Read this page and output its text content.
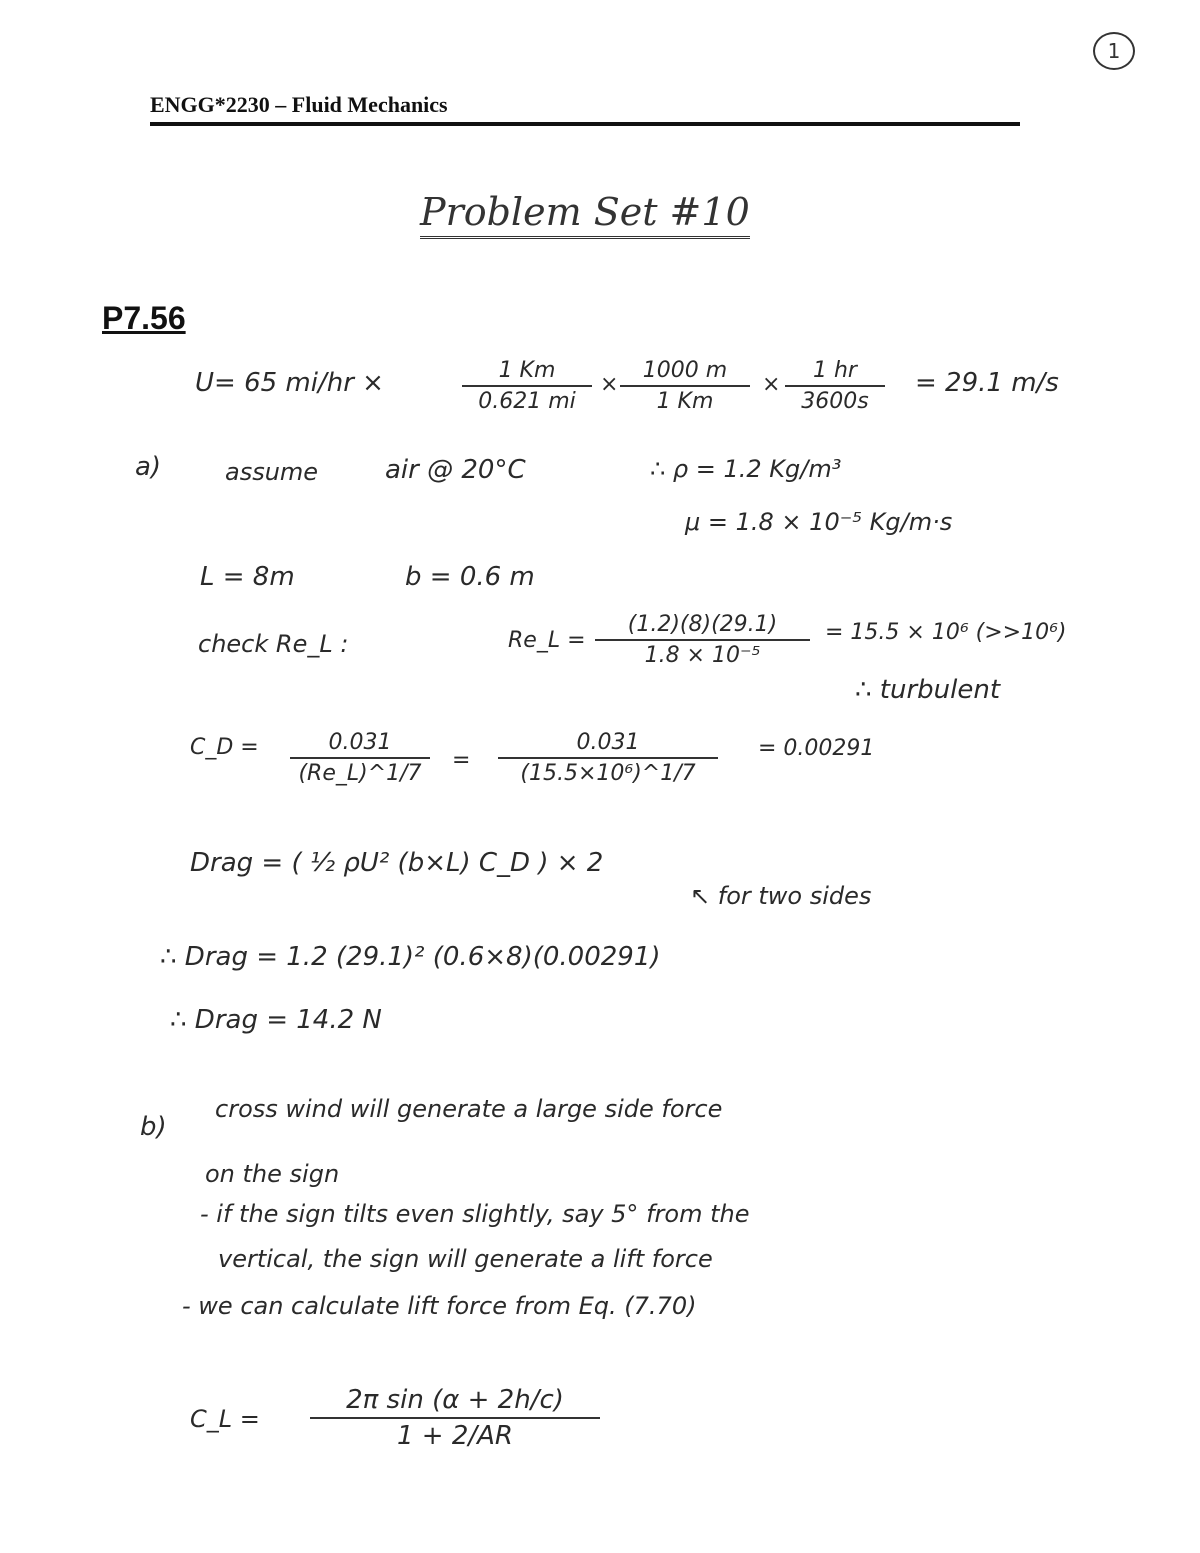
1
ENGG*2230 – Fluid Mechanics
Problem Set #10
P7.56
U= 65 mi/hr ×	$\frac{1 Km}{0.621 mi} \times \frac{1000 m}{1 Km} \times \frac{1 hr}{3600s} = 29.1$ m/s
a)	assume	air @ 20°C	∴ ρ = 1.2 Kg/m³
μ = 1.8 × 10⁻⁵ Kg/m·s
L = 8m	b = 0.6 m
check Re_L :	Re_L = $\frac{(1.2)(8)(29.1)}{\text{1.8 × 10⁻⁵}} = 15.5 \times 10^6$ (>>10⁶)
∴ turbulent
C_D = $\frac{0.031}{(Re\_L)\^{}1/7} = \frac{0.031}{\text{(15.5×10⁶)\textasciicircum{}1/7}} = 0.00291$
Drag = ( ½ ρU² (b×L) C_D ) × 2
↖ for two sides
∴ Drag = 1.2 (29.1)² (0.6×8)(0.00291)
∴ Drag = 14.2 N
b)
cross wind will generate a large side force
on the sign
- if the sign tilts even slightly, say 5° from the
vertical, the sign will generate a lift force
- we can calculate lift force from Eq. (7.70)
C_L = $\frac{\text{2π sin (α + 2h/c)}}{1 + 2/AR}$
